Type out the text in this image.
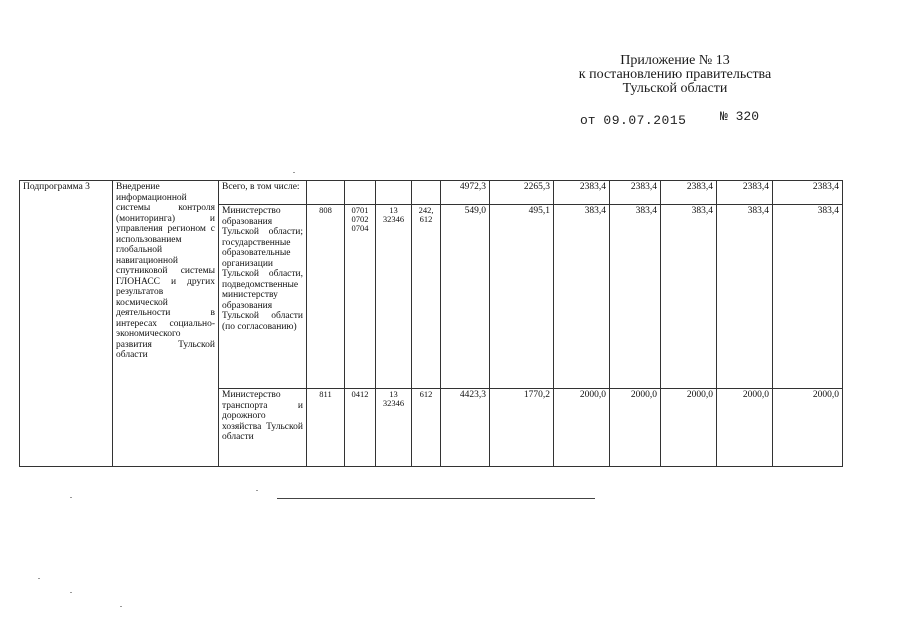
Приложение № 13
к постановлению правительства
Тульской области
от 09.07.2015	№ 320
Подпрограмма 3	Внедрение информационной системы контроля (мониторинга) и управления регионом с использованием глобальной навигационной спутниковой системы ГЛОНАСС и других результатов космической деятельности в интересах социально-экономического развития Тульской области	Всего, в том числе:					4972,3	2265,3	2383,4	2383,4	2383,4	2383,4	2383,4
		Министерство образования Тульской области; государственные образовательные организации Тульской области, подведомственные министерству образования Тульской области (по согласованию)	808	0701 0702 0704	13 32346	242, 612	549,0	495,1	383,4	383,4	383,4	383,4	383,4
		Министерство транспорта и дорожного хозяйства Тульской области	811	0412	13 32346	612	4423,3	1770,2	2000,0	2000,0	2000,0	2000,0	2000,0
